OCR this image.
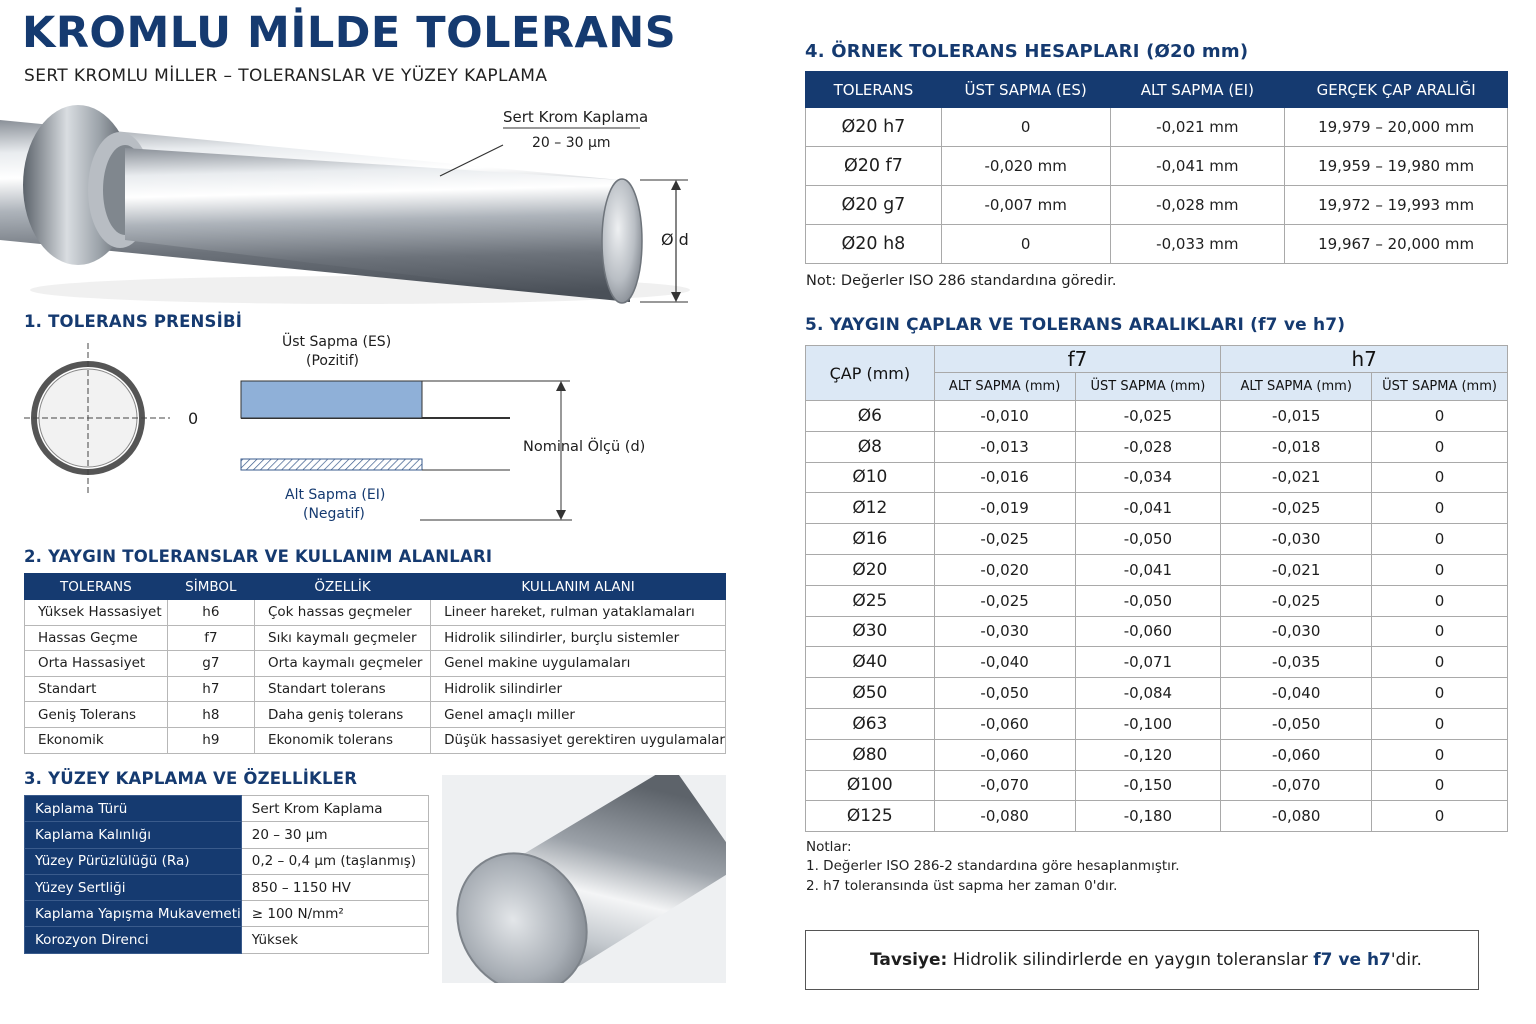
KROMLU MİLDE TOLERANS
SERT KROMLU MİLLER – TOLERANSLAR VE YÜZEY KAPLAMA
Sert Krom Kaplama
20 – 30 µm
Ø d
1. TOLERANS PRENSİBİ
Üst Sapma (ES)
(Pozitif)
0
Nominal Ölçü (d)
Alt Sapma (EI)
(Negatif)
2. YAYGIN TOLERANSLAR VE KULLANIM ALANLARI
TOLERANS	SİMBOL	ÖZELLİK	KULLANIM ALANI
Yüksek Hassasiyet	h6	Çok hassas geçmeler	Lineer hareket, rulman yataklamaları
Hassas Geçme	f7	Sıkı kaymalı geçmeler	Hidrolik silindirler, burçlu sistemler
Orta Hassasiyet	g7	Orta kaymalı geçmeler	Genel makine uygulamaları
Standart	h7	Standart tolerans	Hidrolik silindirler
Geniş Tolerans	h8	Daha geniş tolerans	Genel amaçlı miller
Ekonomik	h9	Ekonomik tolerans	Düşük hassasiyet gerektiren uygulamalar
3. YÜZEY KAPLAMA VE ÖZELLİKLER
Kaplama Türü	Sert Krom Kaplama
Kaplama Kalınlığı	20 – 30 µm
Yüzey Pürüzlülüğü (Ra)	0,2 – 0,4 µm (taşlanmış)
Yüzey Sertliği	850 – 1150 HV
Kaplama Yapışma Mukavemeti	≥ 100 N/mm²
Korozyon Direnci	Yüksek
4. ÖRNEK TOLERANS HESAPLARI (Ø20 mm)
TOLERANS	ÜST SAPMA (ES)	ALT SAPMA (EI)	GERÇEK ÇAP ARALIĞI
Ø20 h7	0	-0,021 mm	19,979 – 20,000 mm
Ø20 f7	-0,020 mm	-0,041 mm	19,959 – 19,980 mm
Ø20 g7	-0,007 mm	-0,028 mm	19,972 – 19,993 mm
Ø20 h8	0	-0,033 mm	19,967 – 20,000 mm
Not: Değerler ISO 286 standardına göredir.
5. YAYGIN ÇAPLAR VE TOLERANS ARALIKLARI (f7 ve h7)
ÇAP (mm)	f7		h7	
	ALT SAPMA (mm)	ÜST SAPMA (mm)	ALT SAPMA (mm)	ÜST SAPMA (mm)
Ø6	-0,010	-0,025	-0,015	0
Ø8	-0,013	-0,028	-0,018	0
Ø10	-0,016	-0,034	-0,021	0
Ø12	-0,019	-0,041	-0,025	0
Ø16	-0,025	-0,050	-0,030	0
Ø20	-0,020	-0,041	-0,021	0
Ø25	-0,025	-0,050	-0,025	0
Ø30	-0,030	-0,060	-0,030	0
Ø40	-0,040	-0,071	-0,035	0
Ø50	-0,050	-0,084	-0,040	0
Ø63	-0,060	-0,100	-0,050	0
Ø80	-0,060	-0,120	-0,060	0
Ø100	-0,070	-0,150	-0,070	0
Ø125	-0,080	-0,180	-0,080	0
Notlar:
1. Değerler ISO 286-2 standardına göre hesaplanmıştır.
2. h7 toleransında üst sapma her zaman 0'dır.
Tavsiye: Hidrolik silindirlerde en yaygın toleranslar f7 ve h7'dir.
